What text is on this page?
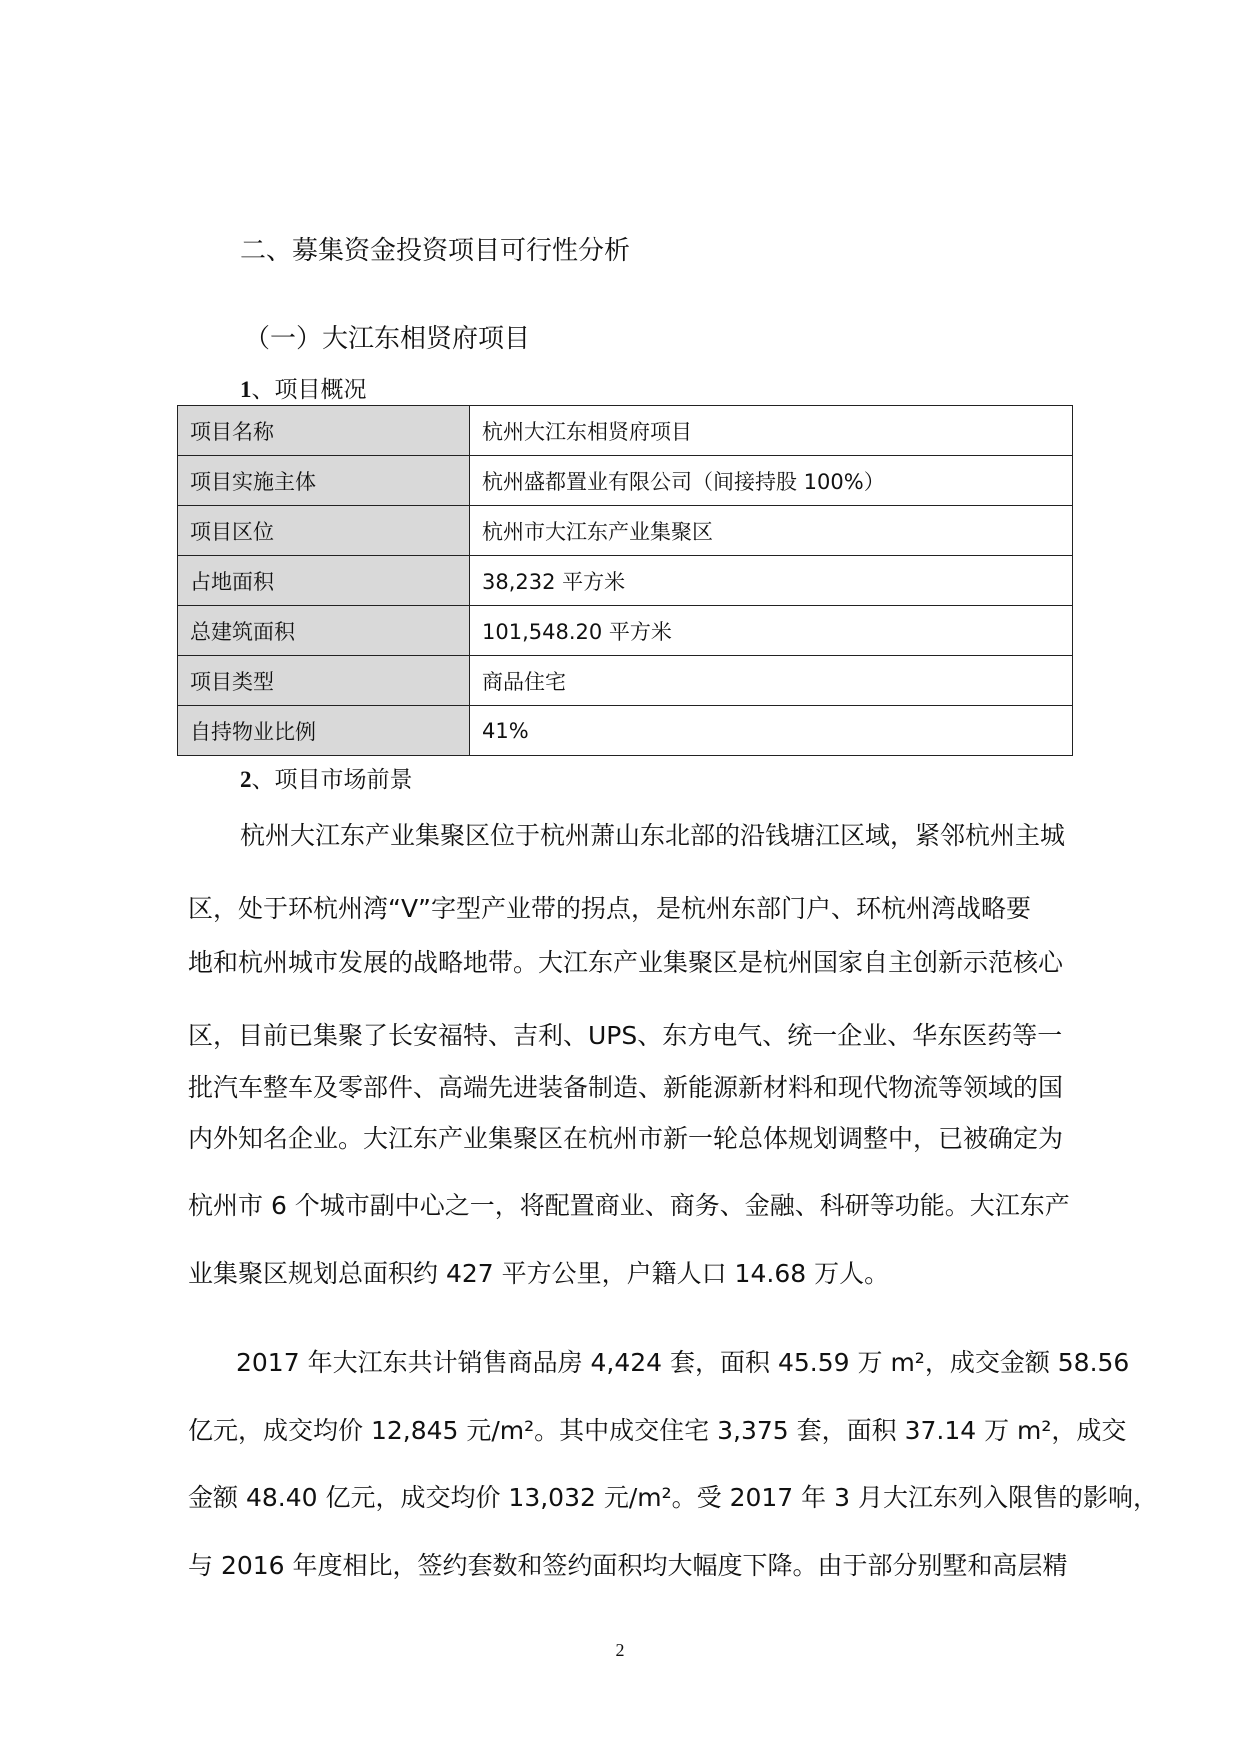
二、募集资金投资项目可行性分析
（一）大江东相贤府项目
1、项目概况
项目名称	杭州大江东相贤府项目
项目实施主体	杭州盛都置业有限公司（间接持股 100%）
项目区位	杭州市大江东产业集聚区
占地面积	38,232 平方米
总建筑面积	101,548.20 平方米
项目类型	商品住宅
自持物业比例	41%
2、项目市场前景
杭州大江东产业集聚区位于杭州萧山东北部的沿钱塘江区域，紧邻杭州主城
区，处于环杭州湾“V”字型产业带的拐点，是杭州东部门户、环杭州湾战略要
地和杭州城市发展的战略地带。大江东产业集聚区是杭州国家自主创新示范核心
区，目前已集聚了长安福特、吉利、UPS、东方电气、统一企业、华东医药等一
批汽车整车及零部件、高端先进装备制造、新能源新材料和现代物流等领域的国
内外知名企业。大江东产业集聚区在杭州市新一轮总体规划调整中，已被确定为
杭州市 6 个城市副中心之一，将配置商业、商务、金融、科研等功能。大江东产
业集聚区规划总面积约 427 平方公里，户籍人口 14.68 万人。
2017 年大江东共计销售商品房 4,424 套，面积 45.59 万 m²，成交金额 58.56
亿元，成交均价 12,845 元/m²。其中成交住宅 3,375 套，面积 37.14 万 m²，成交
金额 48.40 亿元，成交均价 13,032 元/m²。受 2017 年 3 月大江东列入限售的影响，
与 2016 年度相比，签约套数和签约面积均大幅度下降。由于部分别墅和高层精
2
